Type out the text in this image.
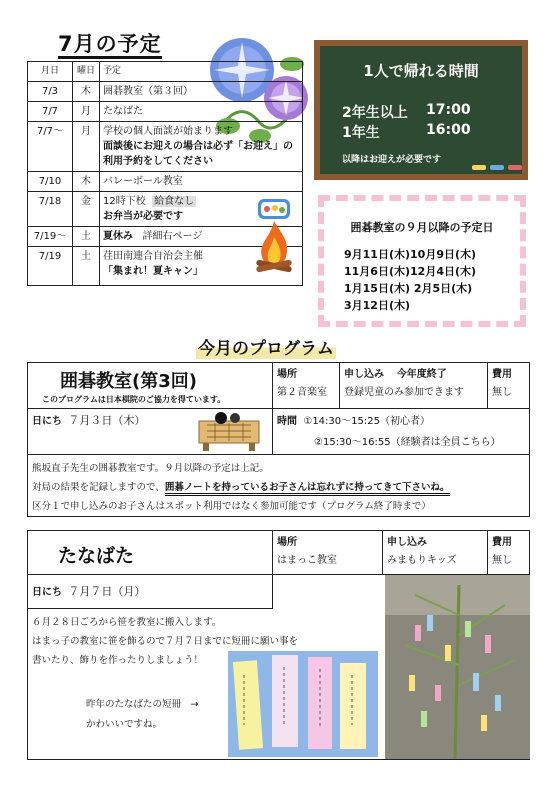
7月の予定
月日	曜日	予定
7/3	木	囲碁教室（第３回）
7/7	月	たなばた
7/7〜	月	学校の個人面談が始まります
面談後にお迎えの場合は必ず「お迎え」の
利用予約をしてください

7/10	木	バレーボール教室
7/18	金	12時下校 給食なし
お弁当が必要です

7/19〜	土	夏休み 詳細右ページ
7/19	土	荏田南連合自治会主催
「集まれ！夏キャン」
1人で帰れる時間
2年生以上 17:00
1年生	16:00
以降はお迎えが必要です
囲碁教室の９月以降の予定日
9月11日(木)10月9日(木)
11月6日(木)12月4日(木)
1月15日(木) 2月5日(木)
3月12日(木)
今月のプログラム
囲碁教室(第3回)
このプログラムは日本棋院のご協力を得ています。
場所
第２音楽室
申し込み 今年度終了
登録児童のみ参加できます
費用
無し
日にち ７月３日（木）	時間 ①14:30〜15:25（初心者）
②15:30〜16:55（経験者は全員こちら）
熊坂直子先生の囲碁教室です。９月以降の予定は上記。
対局の結果を記録しますので、囲碁ノートを持っているお子さんは忘れずに持ってきて下さいね。
区分１で申し込みのお子さんはスポット利用ではなく参加可能です（プログラム終了時まで）
たなばた
場所
はまっこ教室
申し込み
みまもりキッズ
費用
無し
日にち ７月７日（月）
６月２８日ごろから笹を教室に搬入します。
はまっ子の教室に笹を飾るので７月７日までに短冊に願い事を
書いたり、飾りを作ったりしましょう！
昨年のたなばたの短冊　→
かわいいですね。
